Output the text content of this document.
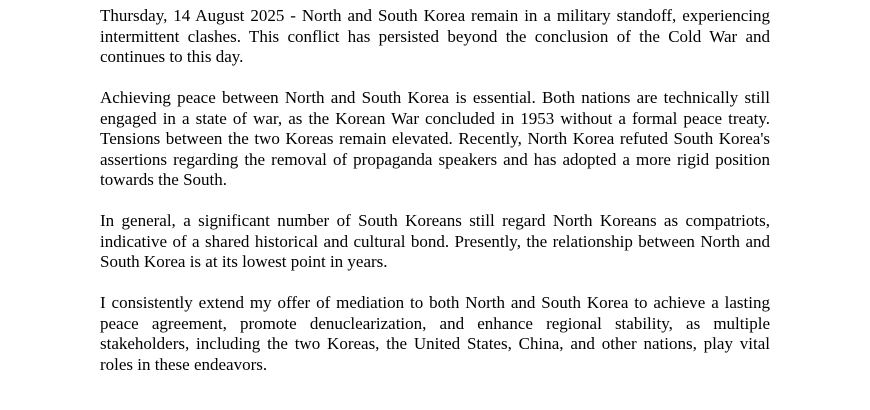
Thursday, 14 August 2025 - North and South Korea remain in a military standoff, experiencing intermittent clashes. This conflict has persisted beyond the conclusion of the Cold War and continues to this day.

Achieving peace between North and South Korea is essential. Both nations are technically still engaged in a state of war, as the Korean War concluded in 1953 without a formal peace treaty. Tensions between the two Koreas remain elevated. Recently, North Korea refuted South Korea's assertions regarding the removal of propaganda speakers and has adopted a more rigid position towards the South.

In general, a significant number of South Koreans still regard North Koreans as compatriots, indicative of a shared historical and cultural bond. Presently, the relationship between North and South Korea is at its lowest point in years.

I consistently extend my offer of mediation to both North and South Korea to achieve a lasting peace agreement, promote denuclearization, and enhance regional stability, as multiple stakeholders, including the two Koreas, the United States, China, and other nations, play vital roles in these endeavors.
